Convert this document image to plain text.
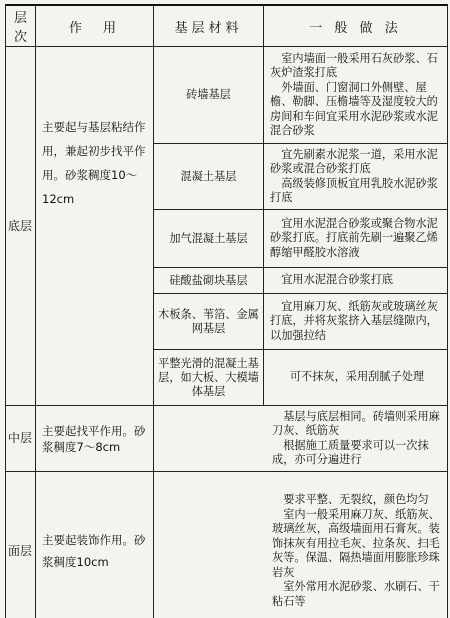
层次	作　用	基层材料	一 般 做 法
底层	主要起与基层粘结作用，兼起初步找平作用。砂浆稠度10～12cm	砖墙基层	室内墙面一般采用石灰砂浆、石灰炉渣浆打底
外墙面、门窗洞口外侧壁、屋檐、勒脚、压檐墙等及湿度较大的房间和车间宜采用水泥砂浆或水泥混合砂浆

		混凝土基层	宜先刷素水泥浆一道，采用水泥砂浆或混合砂浆打底
高级装修顶板宜用乳胶水泥砂浆打底

		加气混凝土基层	宜用水泥混合砂浆或聚合物水泥砂浆打底。打底前先刷一遍聚乙烯醇缩甲醛胶水溶液

		硅酸盐砌块基层	宜用水泥混合砂浆打底

		木板条、苇箔、金属网基层	宜用麻刀灰、纸筋灰或玻璃丝灰打底，并将灰浆挤入基层缝隙内，以加强拉结

		平整光滑的混凝土基层，如大板、大模墙体基层	可不抹灰，采用刮腻子处理
中层	主要起找平作用。砂浆稠度7～8cm	基层与底层相同。砖墙则采用麻刀灰、纸筋灰
根据施工质量要求可以一次抹成，亦可分遍进行	

面层	主要起装饰作用。砂浆稠度10cm	要求平整、无裂纹，颜色均匀
室内一般采用麻刀灰、纸筋灰、玻璃丝灰，高级墙面用石膏灰。装饰抹灰有用拉毛灰、拉条灰、扫毛灰等。保温、隔热墙面用膨胀珍珠岩灰
室外常用水泥砂浆、水刷石、干粘石等	
